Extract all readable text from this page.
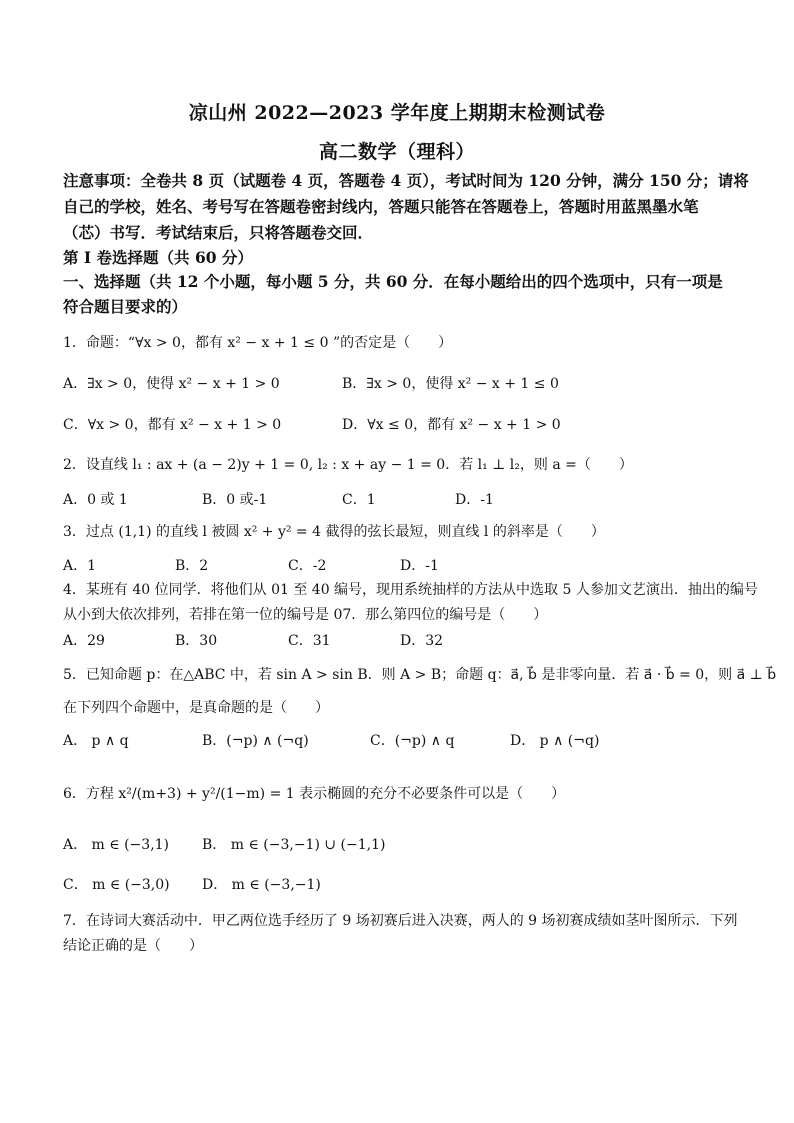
凉山州 2022—2023 学年度上期期末检测试卷
高二数学（理科）
注意事项：全卷共 8 页（试题卷 4 页，答题卷 4 页），考试时间为 120 分钟，满分 150 分；请将
自己的学校，姓名、考号写在答题卷密封线内，答题只能答在答题卷上，答题时用蓝黑墨水笔
（芯）书写．考试结束后，只将答题卷交回．
第 I 卷选择题（共 60 分）
一、选择题（共 12 个小题，每小题 5 分，共 60 分．在每小题给出的四个选项中，只有一项是
符合题目要求的）
1．命题：“∀x > 0，都有 x² − x + 1 ≤ 0 ”的否定是（　　）
A．∃x > 0，使得 x² − x + 1 > 0	B．∃x > 0，使得 x² − x + 1 ≤ 0
C．∀x > 0，都有 x² − x + 1 > 0	D．∀x ≤ 0，都有 x² − x + 1 > 0
2．设直线 l₁ : ax + (a − 2)y + 1 = 0, l₂ : x + ay − 1 = 0．若 l₁ ⊥ l₂，则 a =（　　）
A．0 或 1	B．0 或-1	C．1	D．-1
3．过点 (1,1) 的直线 l 被圆 x² + y² = 4 截得的弦长最短，则直线 l 的斜率是（　　）
A．1	B．2	C．-2	D．-1
4．某班有 40 位同学．将他们从 01 至 40 编号，现用系统抽样的方法从中选取 5 人参加文艺演出．抽出的编号
从小到大依次排列，若排在第一位的编号是 07．那么第四位的编号是（　　）
A．29	B．30	C．31	D．32
5．已知命题 p：在△ABC 中，若 sin A > sin B．则 A > B；命题 q：a⃗, b⃗ 是非零向量．若 a⃗ · b⃗ = 0，则 a⃗ ⊥ b⃗
在下列四个命题中，是真命题的是（　　）
A． p ∧ q	B．(¬p) ∧ (¬q)	C．(¬p) ∧ q	D． p ∧ (¬q)
6．方程 x²/(m+3) + y²/(1−m) = 1 表示椭圆的充分不必要条件可以是（　　）
A． m ∈ (−3,1) B． m ∈ (−3,−1) ∪ (−1,1)
C． m ∈ (−3,0) D． m ∈ (−3,−1)
7．在诗词大赛活动中．甲乙两位选手经历了 9 场初赛后进入决赛，两人的 9 场初赛成绩如茎叶图所示．下列
结论正确的是（　　）
